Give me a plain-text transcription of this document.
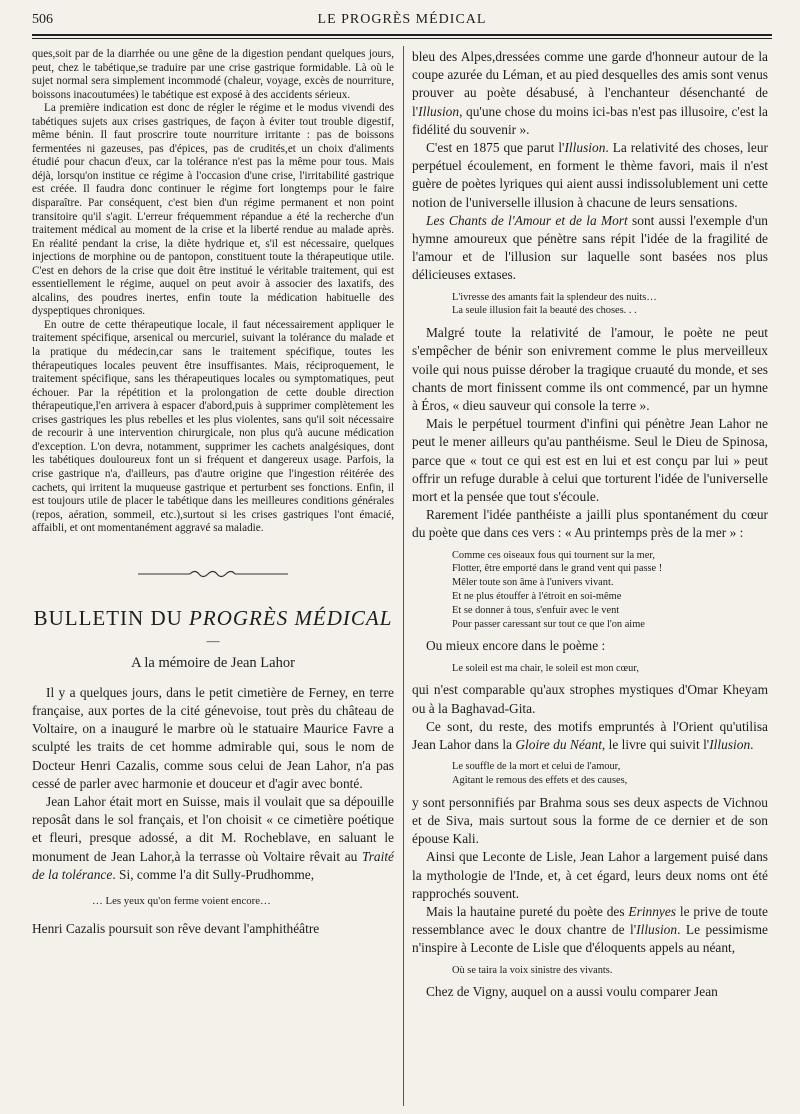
506	LE PROGRÈS MÉDICAL

ques,soit par de la diarrhée ou une gêne de la digestion pendant quelques jours, peut, chez le tabétique,se traduire par une crise gastrique formidable. Là où le sujet normal sera simplement incommodé (chaleur, voyage, excès de nourriture, boissons inacoutumées) le tabétique est exposé à des accidents sérieux.

La première indication est donc de régler le régime et le modus vivendi des tabétiques sujets aux crises gastriques, de façon à éviter tout trouble digestif, même bénin. Il faut proscrire toute nourriture irritante : pas de boissons fermentées ni gazeuses, pas d'épices, pas de crudités,et un choix d'aliments étudié pour chacun d'eux, car la tolérance n'est pas la même pour tous. Mais déjà, lorsqu'on institue ce régime à l'occasion d'une crise, l'irritabilité gastrique est créée. Il faudra donc continuer le régime fort longtemps pour le faire disparaître. Par conséquent, c'est bien d'un régime permanent et non point transitoire qu'il s'agit. L'erreur fréquemment répandue a été la recherche d'un traitement médical au moment de la crise et la liberté rendue au malade après. En réalité pendant la crise, la diète hydrique et, s'il est nécessaire, quelques injections de morphine ou de pantopon, constituent toute la thérapeutique utile. C'est en dehors de la crise que doit être institué le véritable traitement, qui est essentiellement le régime, auquel on peut avoir à associer des laxatifs, des alcalins, des poudres inertes, enfin toute la médication habituelle des dyspeptiques chroniques.

En outre de cette thérapeutique locale, il faut nécessairement appliquer le traitement spécifique, arsenical ou mercuriel, suivant la tolérance du malade et la pratique du médecin,car sans le traitement spécifique, toutes les thérapeutiques locales peuvent être insuffisantes. Mais, réciproquement, le traitement spécifique, sans les thérapeutiques locales ou symptomatiques, peut échouer. Par la répétition et la prolongation de cette double direction thérapeutique,l'en arrivera à espacer d'abord,puis à supprimer complètement les crises gastriques les plus rebelles et les plus violentes, sans qu'il soit nécessaire de recourir à une intervention chirurgicale, non plus qu'à aucune médication d'exception. L'on devra, notamment, supprimer les cachets analgésiques, dont les tabétiques douloureux font un si fréquent et dangereux usage. Parfois, la crise gastrique n'a, d'ailleurs, pas d'autre origine que l'ingestion réitérée des cachets, qui irritent la muqueuse gastrique et perturbent ses fonctions. Enfin, il est toujours utile de placer le tabétique dans les meilleures conditions générales (repos, aération, sommeil, etc.),surtout si les crises gastriques l'ont émacié, affaibli, et ont momentanément aggravé sa maladie.

BULLETIN DU PROGRÈS MÉDICAL
—
A la mémoire de Jean Lahor

Il y a quelques jours, dans le petit cimetière de Ferney, en terre française, aux portes de la cité génevoise, tout près du château de Voltaire, on a inauguré le marbre où le statuaire Maurice Favre a sculpté les traits de cet homme admirable qui, sous le nom de Docteur Henri Cazalis, comme sous celui de Jean Lahor, n'a pas cessé de parler avec harmonie et douceur et d'agir avec bonté.

Jean Lahor était mort en Suisse, mais il voulait que sa dépouille reposât dans le sol français, et l'on choisit « ce cimetière poétique et fleuri, presque adossé, a dit M. Rocheblave, en saluant le monument de Jean Lahor,à la terrasse où Voltaire rêvait au Traité de la tolérance. Si, comme l'a dit Sully-Prudhomme,

… Les yeux qu'on ferme voient encore…

Henri Cazalis poursuit son rêve devant l'amphithéâtre

bleu des Alpes,dressées comme une garde d'honneur autour de la coupe azurée du Léman, et au pied desquelles des amis sont venus prouver au poète désabusé, à l'enchanteur désenchanté de l'Illusion, qu'une chose du moins ici-bas n'est pas illusoire, c'est la fidélité du souvenir ».

C'est en 1875 que parut l'Illusion. La relativité des choses, leur perpétuel écoulement, en forment le thème favori, mais il n'est guère de poètes lyriques qui aient aussi indissolublement uni cette notion de l'universelle illusion à chacune de leurs sensations.

Les Chants de l'Amour et de la Mort sont aussi l'exemple d'un hymne amoureux que pénètre sans répit l'idée de la fragilité de l'amour et de l'illusion sur laquelle sont basées nos plus délicieuses extases.

L'ivresse des amants fait la splendeur des nuits…
La seule illusion fait la beauté des choses. . .

Malgré toute la relativité de l'amour, le poète ne peut s'empêcher de bénir son enivrement comme le plus merveilleux voile qui nous puisse dérober la tragique cruauté du monde, et ses chants de mort finissent comme ils ont commencé, par un hymne à Éros, « dieu sauveur qui console la terre ».

Mais le perpétuel tourment d'infini qui pénètre Jean Lahor ne peut le mener ailleurs qu'au panthéisme. Seul le Dieu de Spinosa, parce que « tout ce qui est est en lui et est conçu par lui » peut offrir un refuge durable à celui que torturent l'idée de l'universelle mort et la pensée que tout s'écoule.

Rarement l'idée panthéiste a jailli plus spontanément du cœur du poète que dans ces vers : « Au printemps près de la mer » :

Comme ces oiseaux fous qui tournent sur la mer,
Flotter, être emporté dans le grand vent qui passe !
Mêler toute son âme à l'univers vivant.
Et ne plus étouffer à l'étroit en soi-même
Et se donner à tous, s'enfuir avec le vent
Pour passer caressant sur tout ce que l'on aime

Ou mieux encore dans le poème :

Le soleil est ma chair, le soleil est mon cœur,

qui n'est comparable qu'aux strophes mystiques d'Omar Kheyam ou à la Baghavad-Gita.

Ce sont, du reste, des motifs empruntés à l'Orient qu'utilisa Jean Lahor dans la Gloire du Néant, le livre qui suivit l'Illusion.

Le souffle de la mort et celui de l'amour,
Agitant le remous des effets et des causes,

y sont personnifiés par Brahma sous ses deux aspects de Vichnou et de Siva, mais surtout sous la forme de ce dernier et de son épouse Kali.

Ainsi que Leconte de Lisle, Jean Lahor a largement puisé dans la mythologie de l'Inde, et, à cet égard, leurs deux noms ont été rapprochés souvent.

Mais la hautaine pureté du poète des Erinnyes le prive de toute ressemblance avec le doux chantre de l'Illusion. Le pessimisme n'inspire à Leconte de Lisle que d'éloquents appels au néant,

Où se taira la voix sinistre des vivants.

Chez de Vigny, auquel on a aussi voulu comparer Jean
